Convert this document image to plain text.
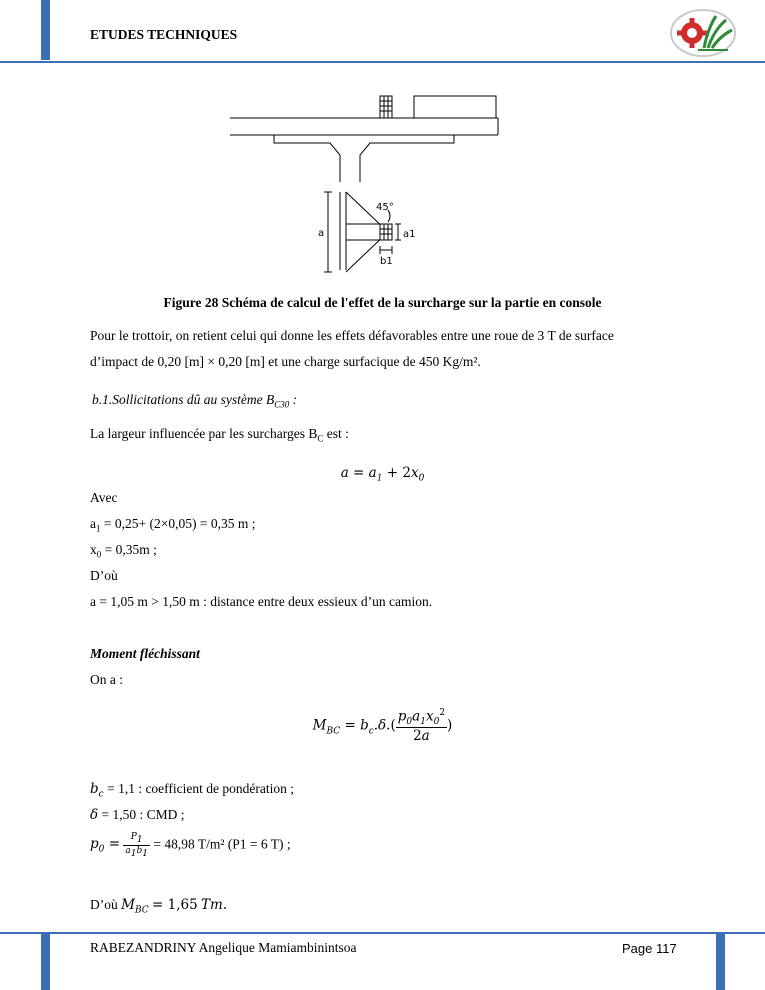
ETUDES TECHNIQUES
45°
a	a1
b1
Figure 28 Schéma de calcul de l'effet de la surcharge sur la partie en console
Pour le trottoir, on retient celui qui donne les effets défavorables entre une roue de 3 T de surface
d’impact de 0,20 [m] × 0,20 [m] et une charge surfacique de 450 Kg/m².
b.1.Sollicitations dû au système $B_{C30}$ :
La largeur influencée par les surcharges $B_C$ est :
$a = a_1 + 2x_0$
Avec
$a_1 = 0,25+ (2\times 0,05) = 0,35$ m ;
$x_0 = 0,35m$ ;
D’où
a = 1,05 m > 1,50 m : distance entre deux essieux d’un camion.
Moment fléchissant
On a :
$M_{BC} = b_c.\delta.( \frac{p_0a_1x_0^2}{2a}$ )
$b_c = 1,1$ : coefficient de pondération ;
δ = 1,50 : CMD ;
$p_0 = \frac{P_1}{a_1b_1} = 48,98$ T/m² (P1 = 6 T) ;
D’où $M_{BC} = 1,65$ Tm.
RABEZANDRINY Angelique Mamiambinintsoa	Page 117
